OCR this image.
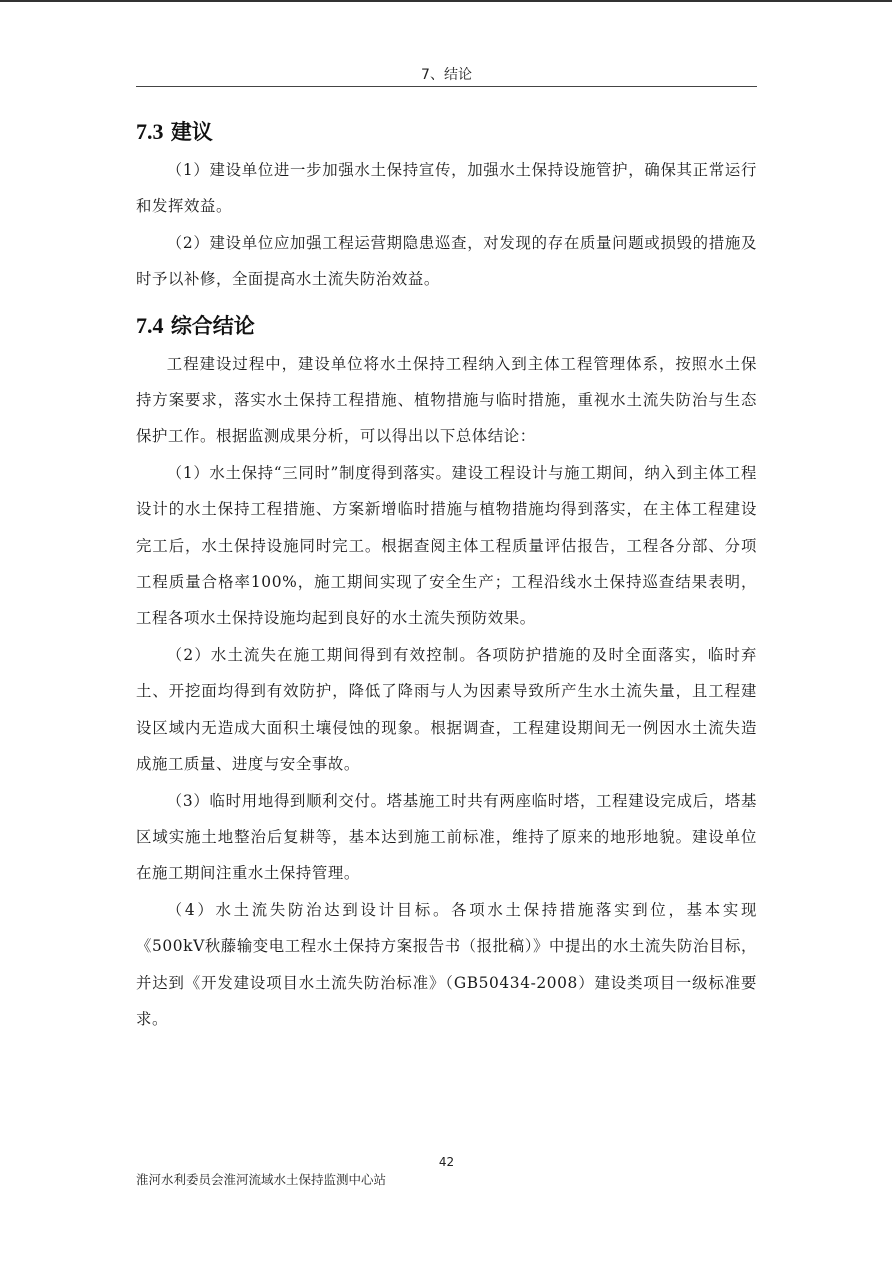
7、结论
7.3 建议

（1）建设单位进一步加强水土保持宣传，加强水土保持设施管护，确保其正常运行和发挥效益。

（2）建设单位应加强工程运营期隐患巡查，对发现的存在质量问题或损毁的措施及时予以补修，全面提高水土流失防治效益。

7.4 综合结论

工程建设过程中，建设单位将水土保持工程纳入到主体工程管理体系，按照水土保持方案要求，落实水土保持工程措施、植物措施与临时措施，重视水土流失防治与生态保护工作。根据监测成果分析，可以得出以下总体结论：

（1）水土保持“三同时”制度得到落实。建设工程设计与施工期间，纳入到主体工程设计的水土保持工程措施、方案新增临时措施与植物措施均得到落实，在主体工程建设完工后，水土保持设施同时完工。根据查阅主体工程质量评估报告，工程各分部、分项工程质量合格率100%，施工期间实现了安全生产；工程沿线水土保持巡查结果表明，工程各项水土保持设施均起到良好的水土流失预防效果。

（2）水土流失在施工期间得到有效控制。各项防护措施的及时全面落实，临时弃土、开挖面均得到有效防护，降低了降雨与人为因素导致所产生水土流失量，且工程建设区域内无造成大面积土壤侵蚀的现象。根据调查，工程建设期间无一例因水土流失造成施工质量、进度与安全事故。

（3）临时用地得到顺利交付。塔基施工时共有两座临时塔，工程建设完成后，塔基区域实施土地整治后复耕等，基本达到施工前标准，维持了原来的地形地貌。建设单位在施工期间注重水土保持管理。

（4）水土流失防治达到设计目标。各项水土保持措施落实到位，基本实现《500kV秋藤输变电工程水土保持方案报告书（报批稿）》中提出的水土流失防治目标，并达到《开发建设项目水土流失防治标准》（GB50434-2008）建设类项目一级标准要求。

42
淮河水利委员会淮河流域水土保持监测中心站
